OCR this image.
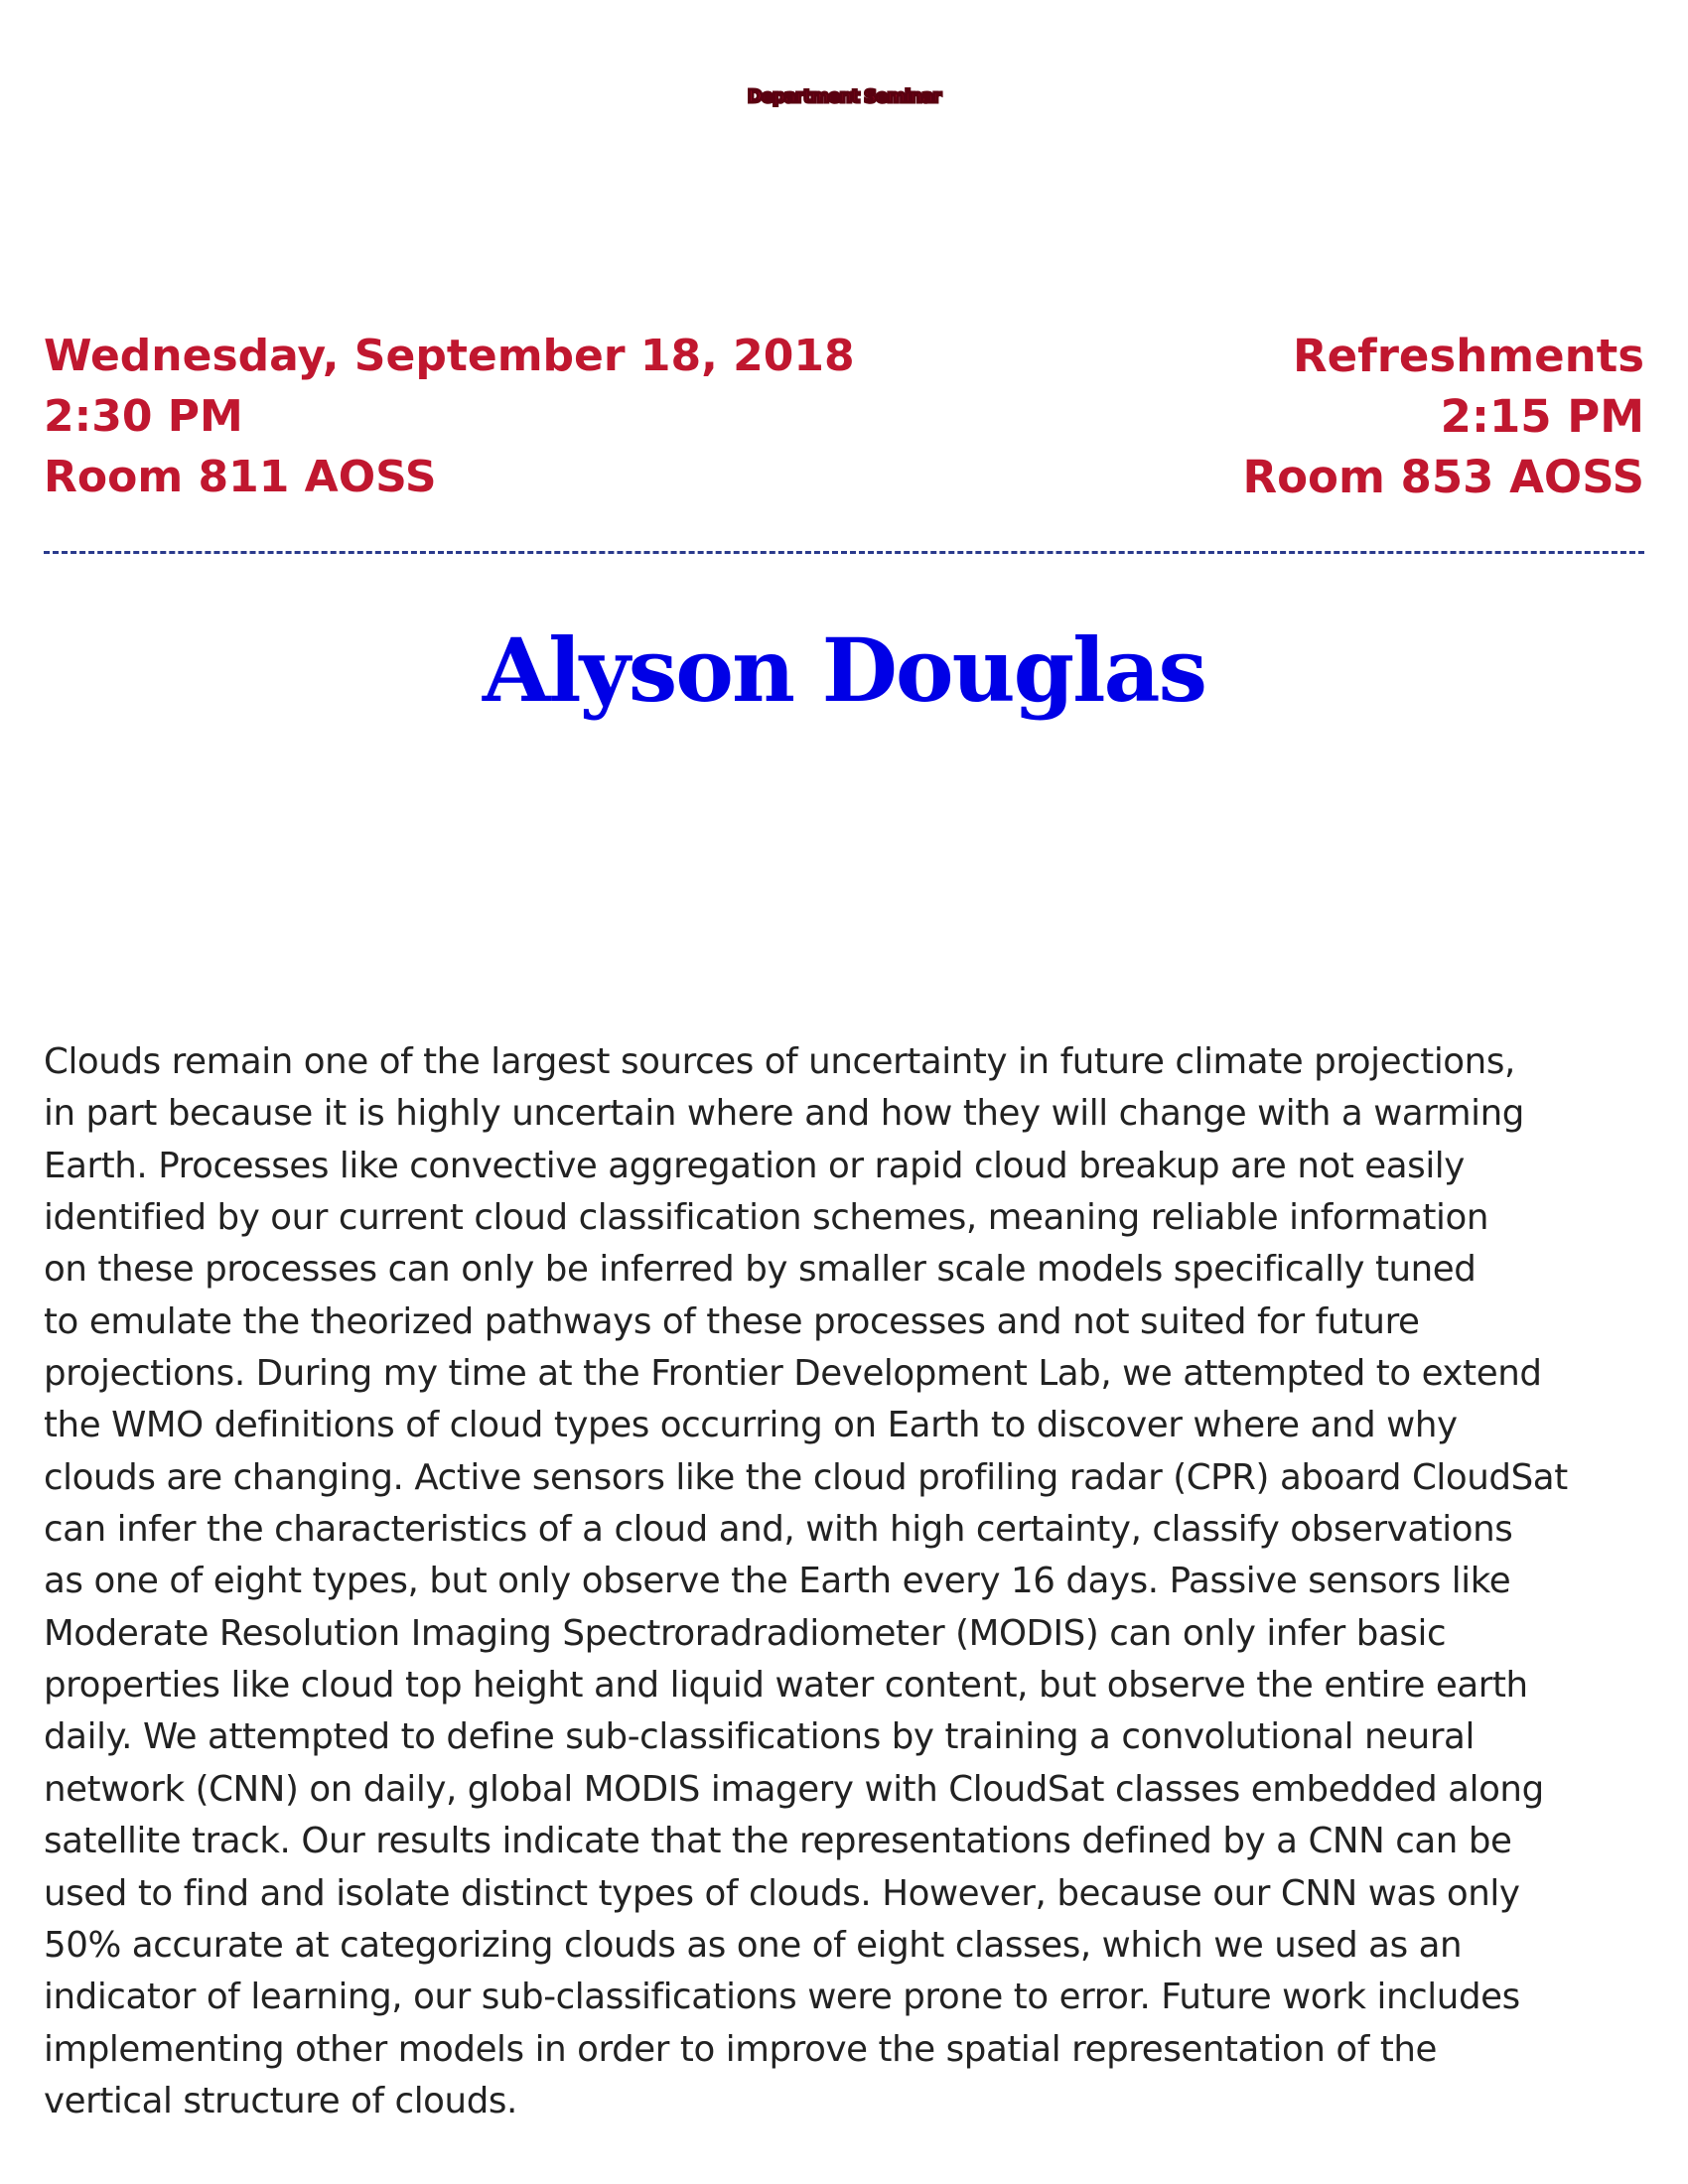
Department Seminar
Wednesday, September 18, 2018
2:30 PM
Room 811 AOSS
Refreshments
2:15 PM
Room 853 AOSS
Alyson Douglas
Clouds remain one of the largest sources of uncertainty in future climate projections,
in part because it is highly uncertain where and how they will change with a warming
Earth. Processes like convective aggregation or rapid cloud breakup are not easily
identified by our current cloud classification schemes, meaning reliable information
on these processes can only be inferred by smaller scale models specifically tuned
to emulate the theorized pathways of these processes and not suited for future
projections. During my time at the Frontier Development Lab, we attempted to extend
the WMO definitions of cloud types occurring on Earth to discover where and why
clouds are changing. Active sensors like the cloud profiling radar (CPR) aboard CloudSat
can infer the characteristics of a cloud and, with high certainty, classify observations
as one of eight types, but only observe the Earth every 16 days. Passive sensors like
Moderate Resolution Imaging Spectroradradiometer (MODIS) can only infer basic
properties like cloud top height and liquid water content, but observe the entire earth
daily. We attempted to define sub-classifications by training a convolutional neural
network (CNN) on daily, global MODIS imagery with CloudSat classes embedded along
satellite track. Our results indicate that the representations defined by a CNN can be
used to find and isolate distinct types of clouds. However, because our CNN was only
50% accurate at categorizing clouds as one of eight classes, which we used as an
indicator of learning, our sub-classifications were prone to error. Future work includes
implementing other models in order to improve the spatial representation of the
vertical structure of clouds.
